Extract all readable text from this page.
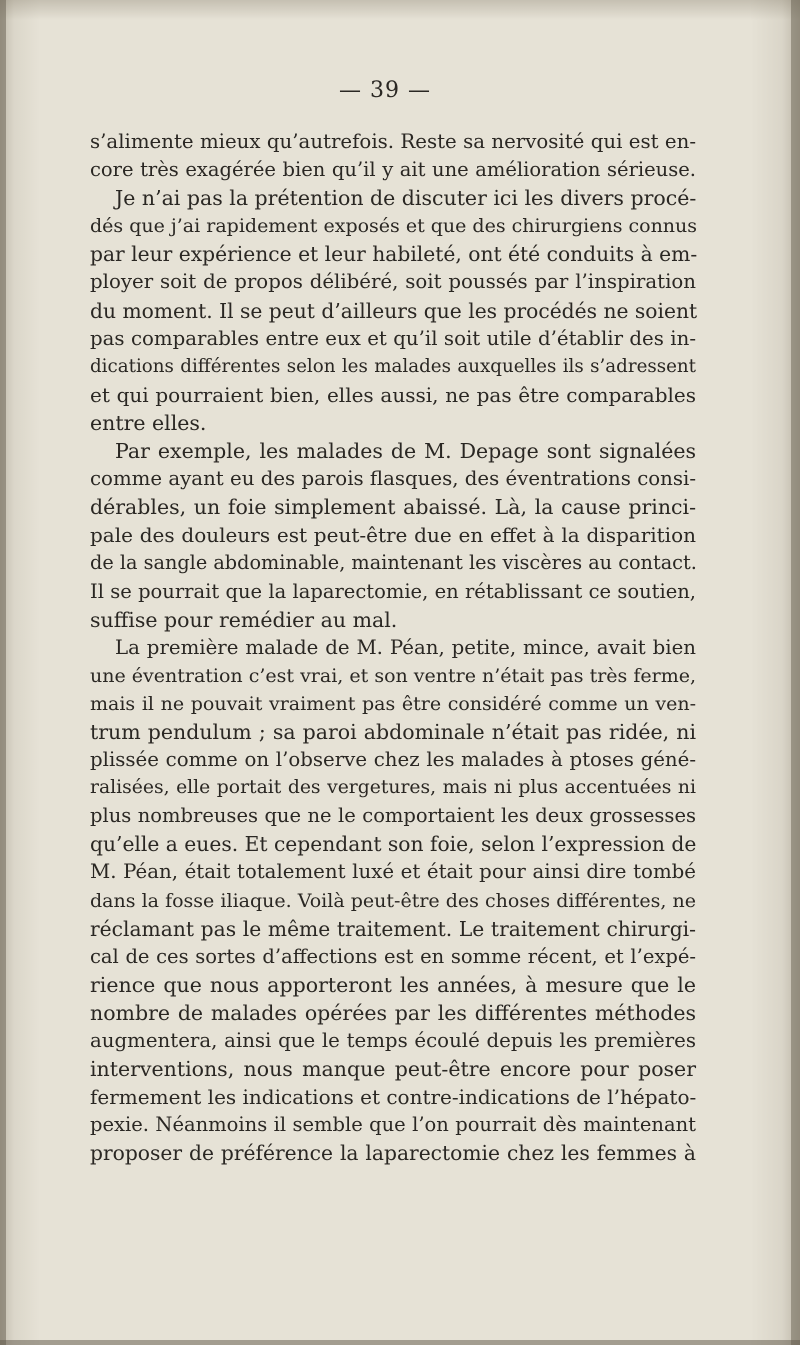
— 39 —
s’alimente mieux qu’autrefois. Reste sa nervosité qui est en-
core très exagérée bien qu’il y ait une amélioration sérieuse.
Je n’ai pas la prétention de discuter ici les divers procé-
dés que j’ai rapidement exposés et que des chirurgiens connus
par leur expérience et leur habileté, ont été conduits à em-
ployer soit de propos délibéré, soit poussés par l’inspiration
du moment. Il se peut d’ailleurs que les procédés ne soient
pas comparables entre eux et qu’il soit utile d’établir des in-
dications différentes selon les malades auxquelles ils s’adressent
et qui pourraient bien, elles aussi, ne pas être comparables
entre elles.
Par exemple, les malades de M. Depage sont signalées
comme ayant eu des parois flasques, des éventrations consi-
dérables, un foie simplement abaissé. Là, la cause princi-
pale des douleurs est peut-être due en effet à la disparition
de la sangle abdominable, maintenant les viscères au contact.
Il se pourrait que la laparectomie, en rétablissant ce soutien,
suffise pour remédier au mal.
La première malade de M. Péan, petite, mince, avait bien
une éventration c’est vrai, et son ventre n’était pas très ferme,
mais il ne pouvait vraiment pas être considéré comme un ven-
trum pendulum ; sa paroi abdominale n’était pas ridée, ni
plissée comme on l’observe chez les malades à ptoses géné-
ralisées, elle portait des vergetures, mais ni plus accentuées ni
plus nombreuses que ne le comportaient les deux grossesses
qu’elle a eues. Et cependant son foie, selon l’expression de
M. Péan, était totalement luxé et était pour ainsi dire tombé
dans la fosse iliaque. Voilà peut-être des choses différentes, ne
réclamant pas le même traitement. Le traitement chirurgi-
cal de ces sortes d’affections est en somme récent, et l’expé-
rience que nous apporteront les années, à mesure que le
nombre de malades opérées par les différentes méthodes
augmentera, ainsi que le temps écoulé depuis les premières
interventions, nous manque peut-être encore pour poser
fermement les indications et contre-indications de l’hépato-
pexie. Néanmoins il semble que l’on pourrait dès maintenant
proposer de préférence la laparectomie chez les femmes à
